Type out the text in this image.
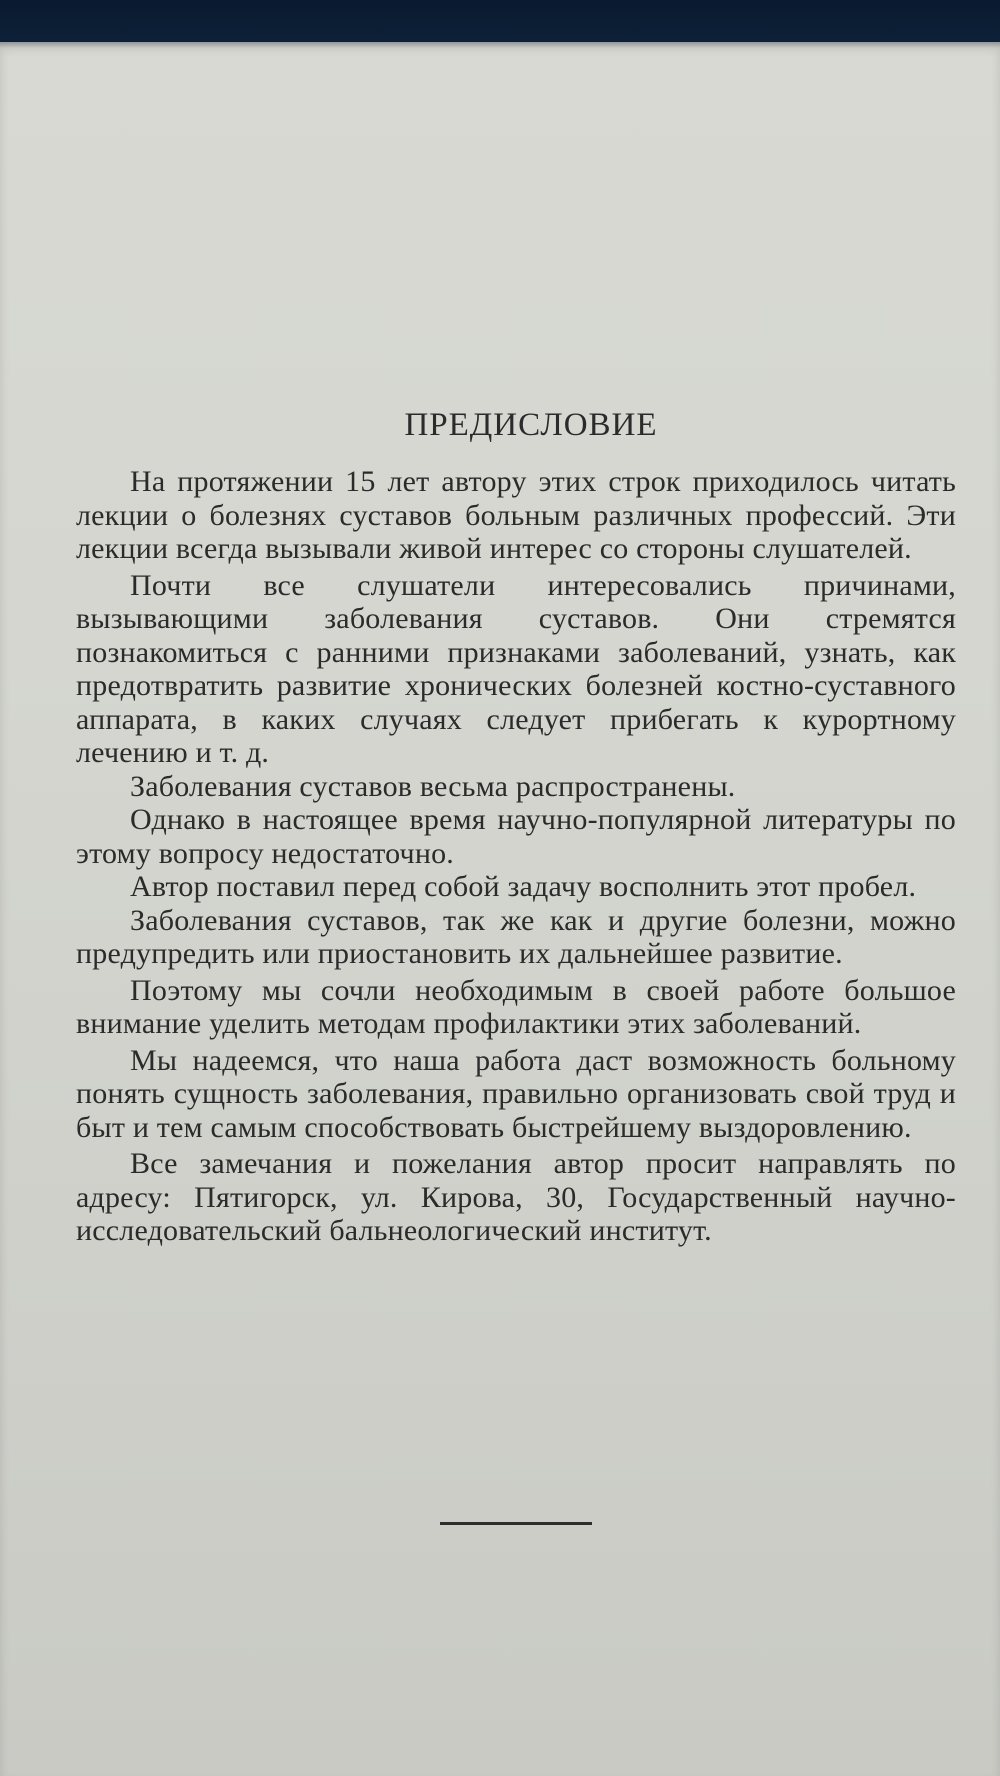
ПРЕДИСЛОВИЕ

На протяжении 15 лет автору этих строк приходилось читать лекции о болезнях суставов больным различных профессий. Эти лекции всегда вызывали живой интерес со стороны слушателей.

Почти все слушатели интересовались причинами, вызывающими заболевания суставов. Они стремятся познакомиться с ранними признаками заболеваний, узнать, как предотвратить развитие хронических болезней костно-суставного аппарата, в каких случаях следует прибегать к курортному лечению и т. д.

Заболевания суставов весьма распространены.

Однако в настоящее время научно-популярной литературы по этому вопросу недостаточно.

Автор поставил перед собой задачу восполнить этот пробел.

Заболевания суставов, так же как и другие болезни, можно предупредить или приостановить их дальнейшее развитие.

Поэтому мы сочли необходимым в своей работе большое внимание уделить методам профилактики этих заболеваний.

Мы надеемся, что наша работа даст возможность больному понять сущность заболевания, правильно организовать свой труд и быт и тем самым способствовать быстрейшему выздоровлению.

Все замечания и пожелания автор просит направлять по адресу: Пятигорск, ул. Кирова, 30, Государственный научно-исследовательский бальнеологический институт.
